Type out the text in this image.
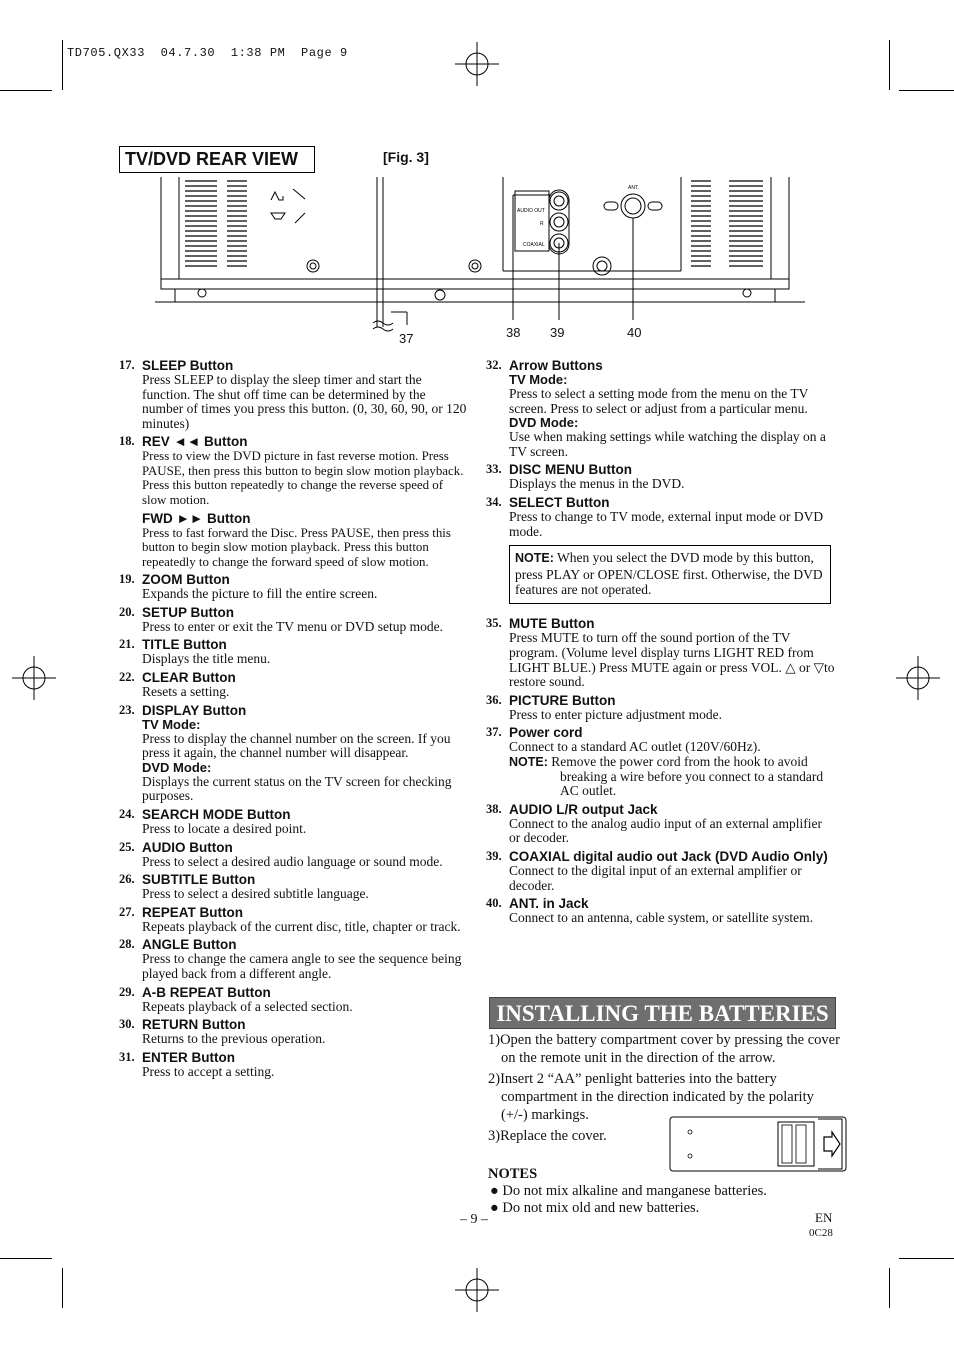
TD705.QX33  04.7.30  1:38 PM  Page 9
TV/DVD REAR VIEW	[Fig. 3]
ANT.
AUDIO OUT
R
COAXIAL
37	38 39	40
17. SLEEP Button
Press SLEEP to display the sleep timer and start the function. The shut off time can be determined by the number of times you press this button. (0, 30, 60, 90, or 120 minutes)
18. REV ◄◄ Button
Press to view the DVD picture in fast reverse motion. Press PAUSE, then press this button to begin slow motion playback. Press this button repeatedly to change the reverse speed of slow motion.
FWD ►► Button
Press to fast forward the Disc. Press PAUSE, then press this button to begin slow motion playback. Press this button repeatedly to change the forward speed of slow motion.
19. ZOOM Button
Expands the picture to fill the entire screen.
20. SETUP Button
Press to enter or exit the TV menu or DVD setup mode.
21. TITLE Button
Displays the title menu.
22. CLEAR Button
Resets a setting.
23. DISPLAY Button
TV Mode:
Press to display the channel number on the screen. If you press it again, the channel number will disappear.
DVD Mode:
Displays the current status on the TV screen for checking purposes.
24. SEARCH MODE Button
Press to locate a desired point.
25. AUDIO Button
Press to select a desired audio language or sound mode.
26. SUBTITLE Button
Press to select a desired subtitle language.
27. REPEAT Button
Repeats playback of the current disc, title, chapter or track.
28. ANGLE Button
Press to change the camera angle to see the sequence being played back from a different angle.
29. A-B REPEAT Button
Repeats playback of a selected section.
30. RETURN Button
Returns to the previous operation.
31. ENTER Button
Press to accept a setting.
32. Arrow Buttons
TV Mode:
Press to select a setting mode from the menu on the TV screen. Press to select or adjust from a particular menu.
DVD Mode:
Use when making settings while watching the display on a TV screen.
33. DISC MENU Button
Displays the menus in the DVD.
34. SELECT Button
Press to change to TV mode, external input mode or DVD mode.
NOTE: When you select the DVD mode by this button, press PLAY or OPEN/CLOSE first. Otherwise, the DVD features are not operated.
35. MUTE Button
Press MUTE to turn off the sound portion of the TV program. (Volume level display turns LIGHT RED from LIGHT BLUE.) Press MUTE again or press VOL. △ or ▽to restore sound.
36. PICTURE Button
Press to enter picture adjustment mode.
37. Power cord
Connect to a standard AC outlet (120V/60Hz).
NOTE: Remove the power cord from the hook to avoid breaking a wire before you connect to a standard AC outlet.
38. AUDIO L/R output Jack
Connect to the analog audio input of an external amplifier or decoder.
39. COAXIAL digital audio out Jack (DVD Audio Only)
Connect to the digital input of an external amplifier or decoder.
40. ANT. in Jack
Connect to an antenna, cable system, or satellite system.
INSTALLING THE BATTERIES
1)Open the battery compartment cover by pressing the cover on the remote unit in the direction of the arrow.
2)Insert 2 “AA” penlight batteries into the battery compartment in the direction indicated by the polarity (+/-) markings.
3)Replace the cover.
NOTES
● Do not mix alkaline and manganese batteries.
● Do not mix old and new batteries.
– 9 –	EN
0C28
